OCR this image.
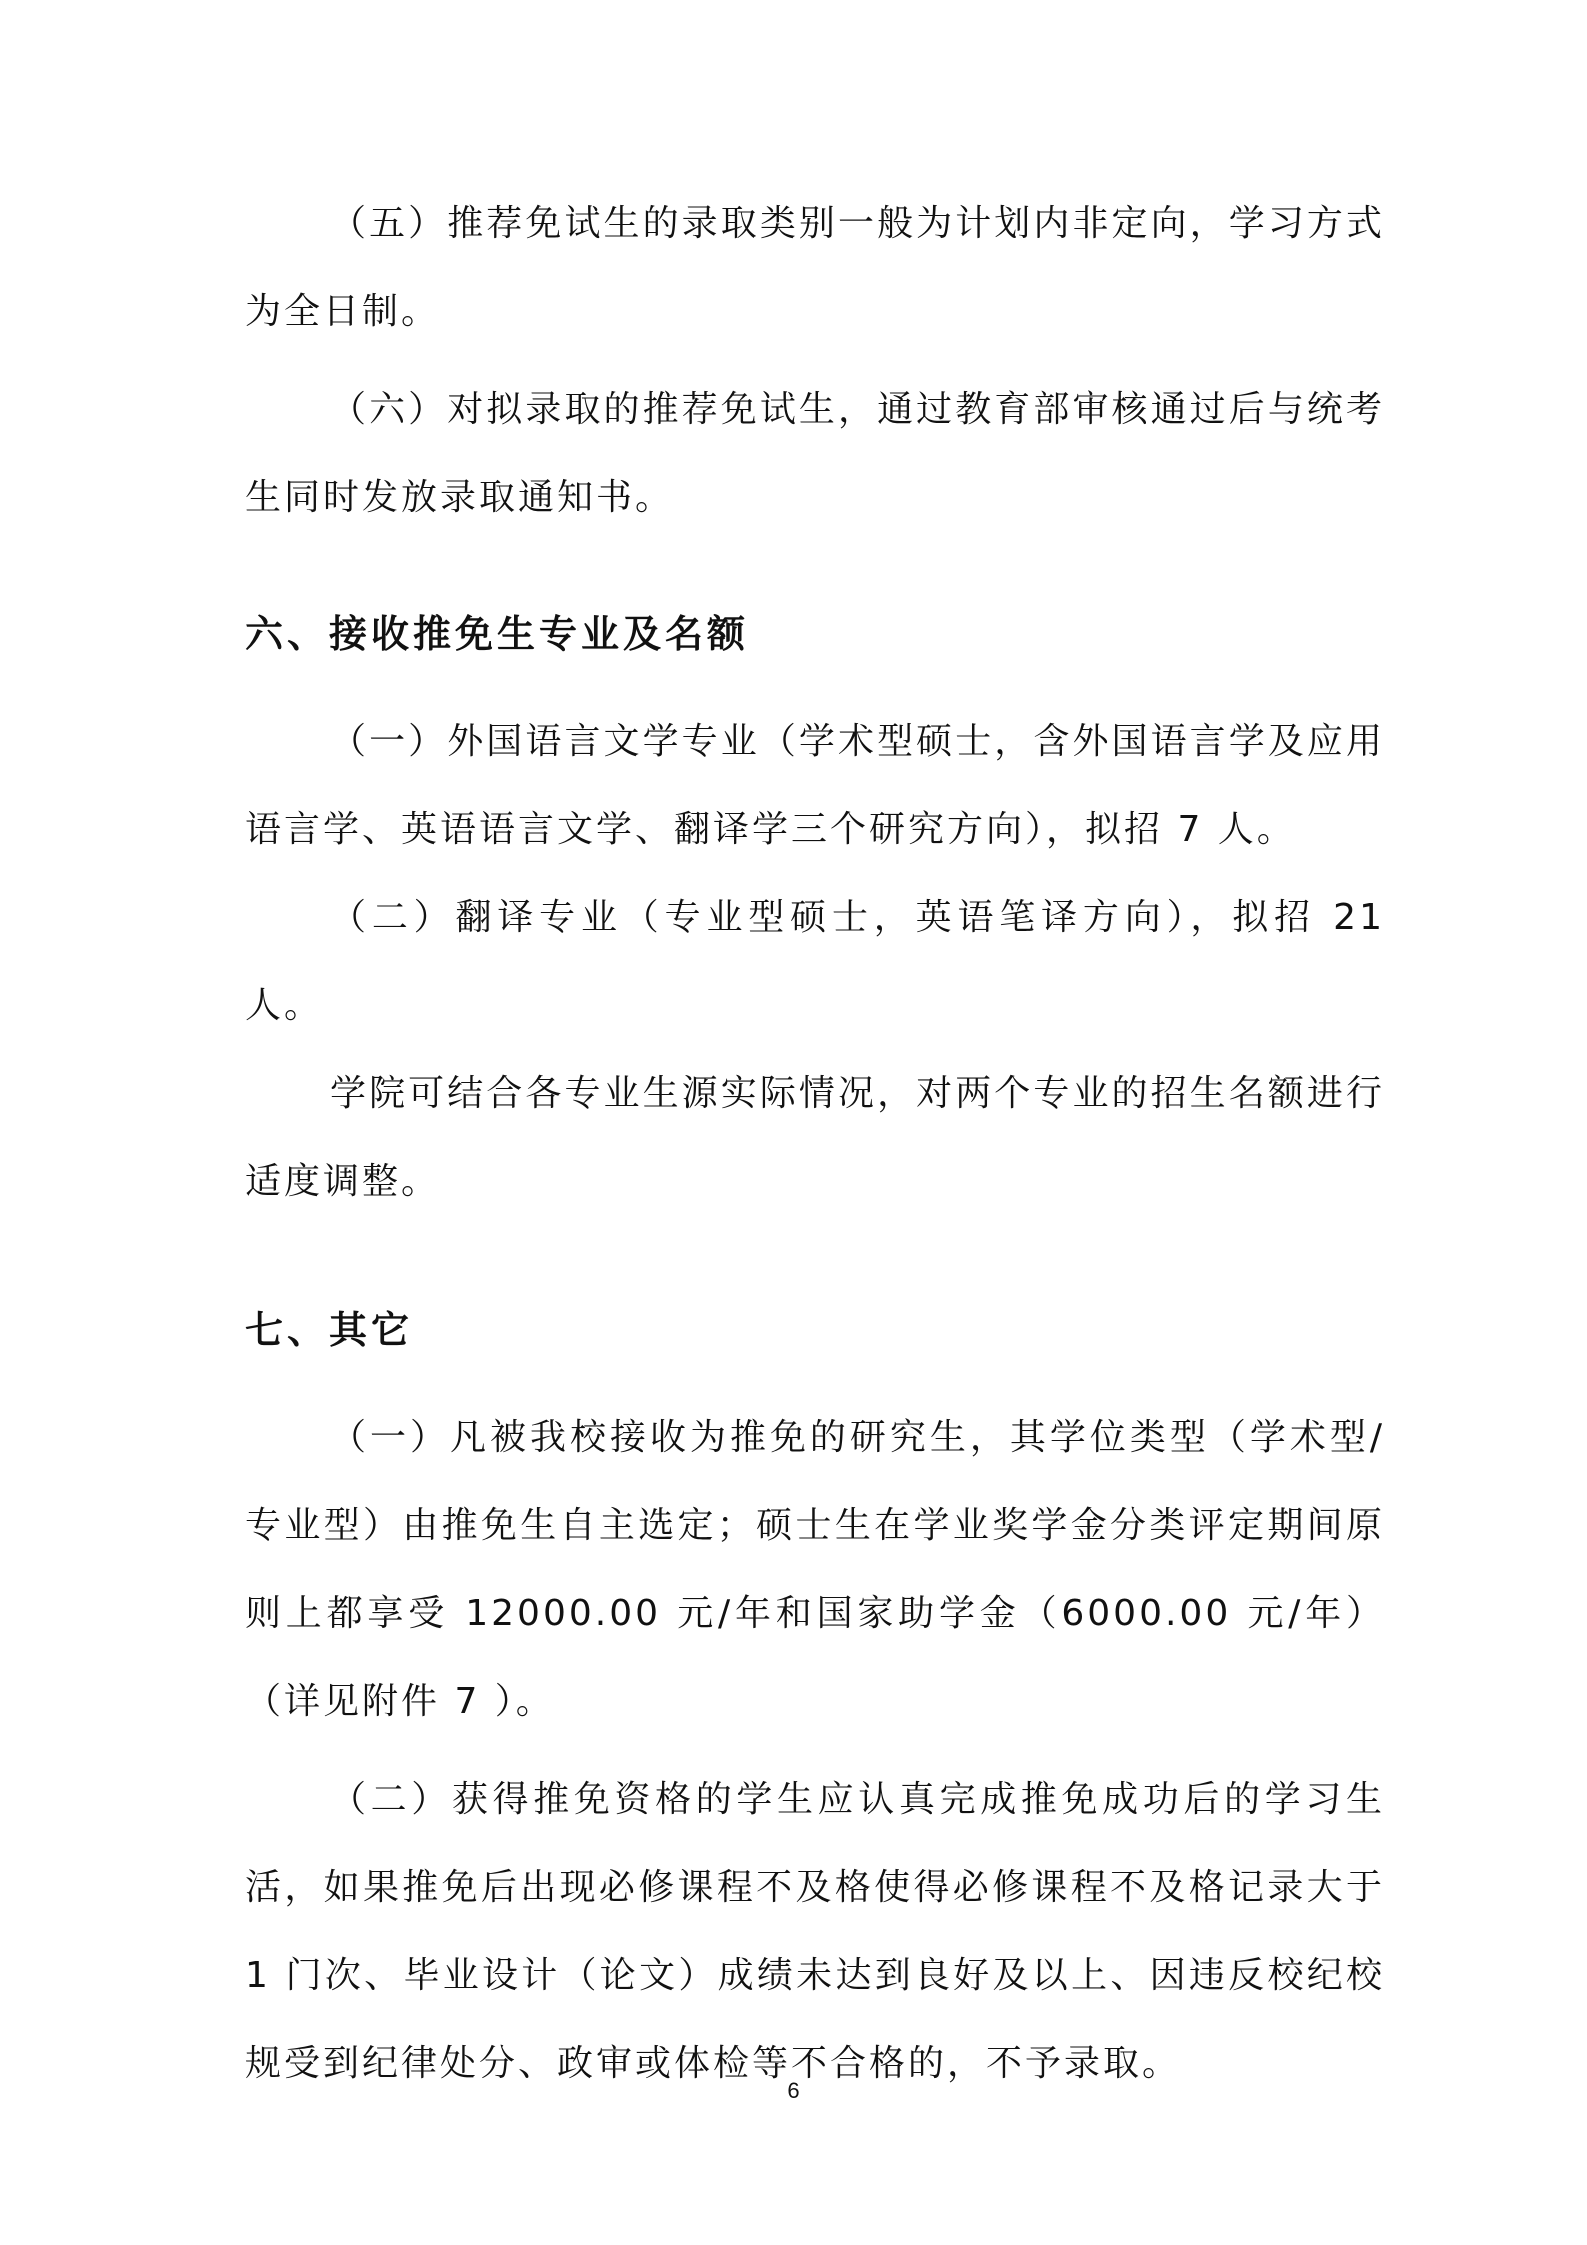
（五）推荐免试生的录取类别一般为计划内非定向，学习方式为全日制。

（六）对拟录取的推荐免试生，通过教育部审核通过后与统考生同时发放录取通知书。

六、接收推免生专业及名额

（一）外国语言文学专业（学术型硕士，含外国语言学及应用语言学、英语语言文学、翻译学三个研究方向），拟招 7 人。

（二）翻译专业（专业型硕士，英语笔译方向），拟招 21人。

学院可结合各专业生源实际情况，对两个专业的招生名额进行适度调整。

七、其它

（一）凡被我校接收为推免的研究生，其学位类型（学术型/专业型）由推免生自主选定；硕士生在学业奖学金分类评定期间原则上都享受 12000.00 元/年和国家助学金（6000.00 元/年）（详见附件 7 ）。

（二）获得推免资格的学生应认真完成推免成功后的学习生活，如果推免后出现必修课程不及格使得必修课程不及格记录大于 1 门次、毕业设计（论文）成绩未达到良好及以上、因违反校纪校规受到纪律处分、政审或体检等不合格的，不予录取。

6
